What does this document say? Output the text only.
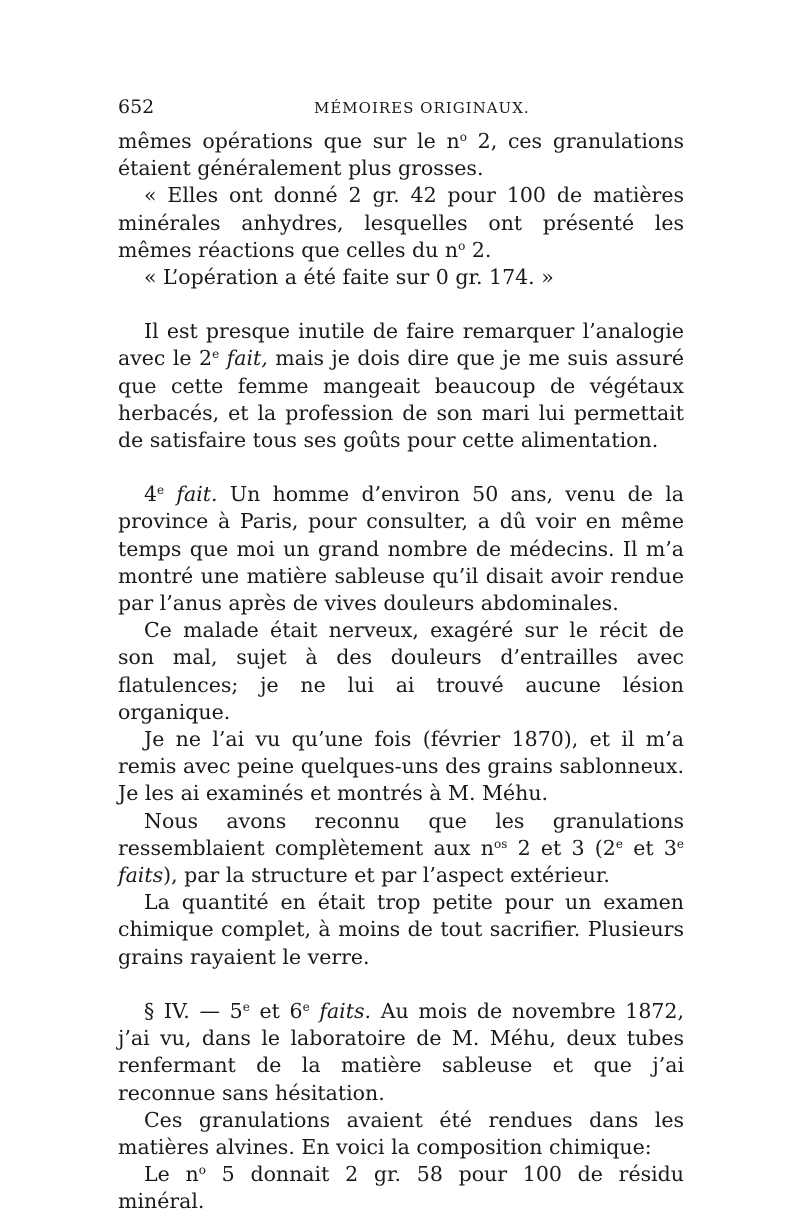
652	MÉMOIRES ORIGINAUX.

mêmes opérations que sur le $n^o$ 2, ces granulations étaient généralement plus grosses.

« Elles ont donné 2 gr. 42 pour 100 de matières minérales anhydres, lesquelles ont présenté les mêmes réactions que celles du $n^o$ 2.

« L’opération a été faite sur 0 gr. 174. »

Il est presque inutile de faire remarquer l’analogie avec le 2e fait, mais je dois dire que je me suis assuré que cette femme mangeait beaucoup de végétaux herbacés, et la profession de son mari lui permettait de satisfaire tous ses goûts pour cette alimentation.

4e fait. Un homme d’environ 50 ans, venu de la province à Paris, pour consulter, a dû voir en même temps que moi un grand nombre de médecins. Il m’a montré une matière sableuse qu’il disait avoir rendue par l’anus après de vives douleurs abdominales.

Ce malade était nerveux, exagéré sur le récit de son mal, sujet à des douleurs d’entrailles avec flatulences; je ne lui ai trouvé aucune lésion organique.

Je ne l’ai vu qu’une fois (février 1870), et il m’a remis avec peine quelques-uns des grains sablonneux. Je les ai examinés et montrés à M. Méhu.

Nous avons reconnu que les granulations ressemblaient complètement aux $n^{os}$ 2 et 3 (2e et 3e faits), par la structure et par l’aspect extérieur.

La quantité en était trop petite pour un examen chimique complet, à moins de tout sacrifier. Plusieurs grains rayaient le verre.

§ IV. — 5e et 6e faits. Au mois de novembre 1872, j’ai vu, dans le laboratoire de M. Méhu, deux tubes renfermant de la matière sableuse et que j’ai reconnue sans hésitation.

Ces granulations avaient été rendues dans les matières alvines. En voici la composition chimique:

Le $n^o$ 5 donnait 2 gr. 58 pour 100 de résidu minéral.
